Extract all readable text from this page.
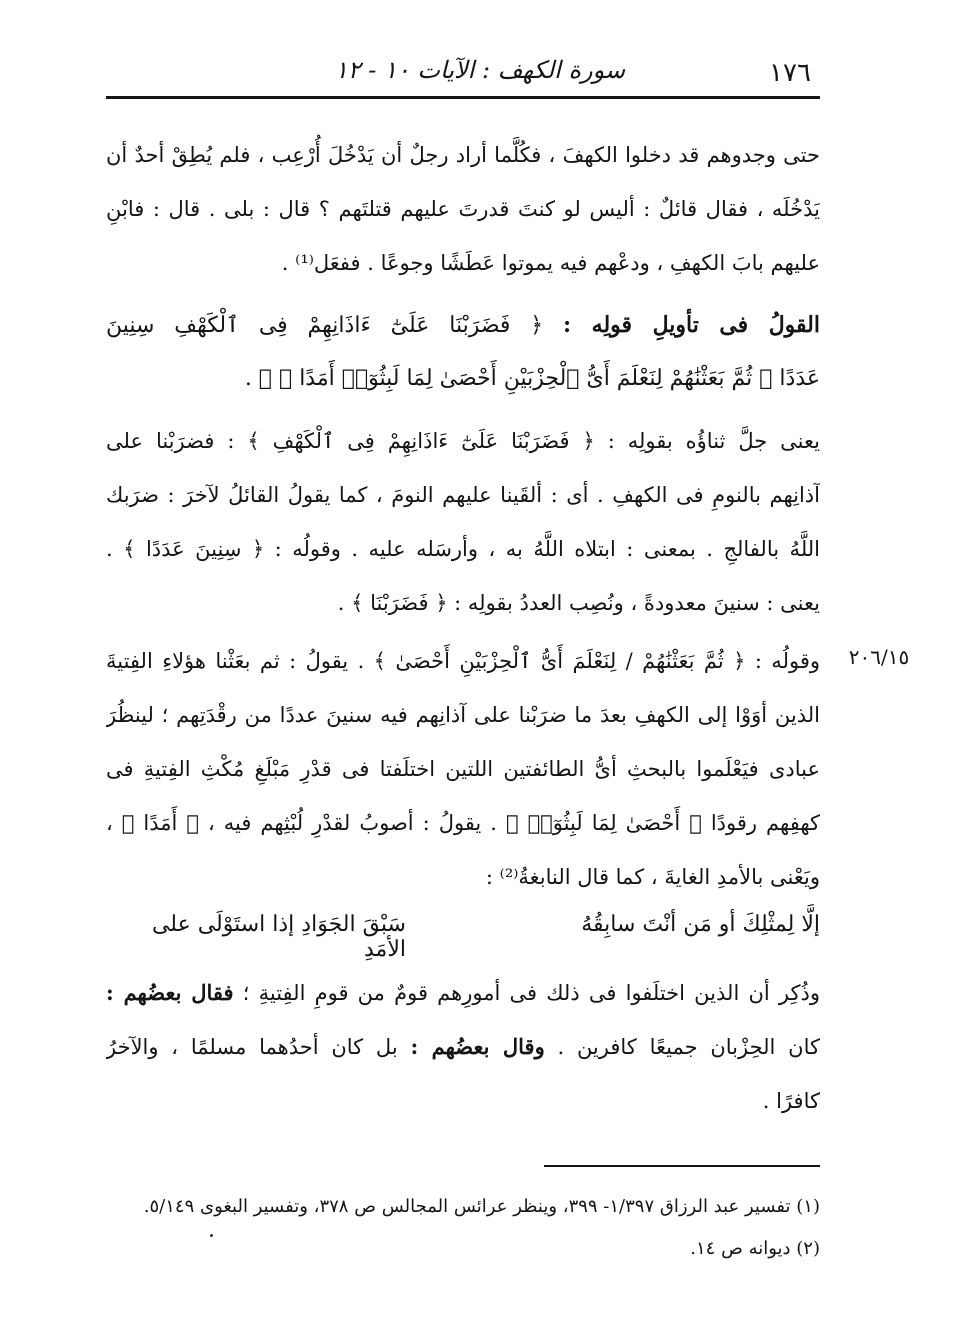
١٧٦
سورة الكهف : الآيات ١٠ - ١٢
حتى وجدوهم قد دخلوا الكهفَ ، فكُلَّما أراد رجلٌ أن يَدْخُلَ أُرْعِب ، فلم يُطِقْ أحدٌ أن
يَدْخُلَه ، فقال قائلٌ : أليس لو كنتَ قدرتَ عليهم قتلتَهم ؟ قال : بلى . قال : فابْنِ
عليهم بابَ الكهفِ ، ودعْهم فيه يموتوا عَطَشًا وجوعًا . ففعَل⁽¹⁾ .
القولُ فى تأويلِ قولِه : ﴿ فَضَرَبْنَا عَلَىٰٓ ءَاذَانِهِمْ فِى ٱلْكَهْفِ سِنِينَ
عَدَدًا ⑪ ثُمَّ بَعَثْنَٰهُمْ لِنَعْلَمَ أَىُّ ٱلْحِزْبَيْنِ أَحْصَىٰ لِمَا لَبِثُوٓا۟ أَمَدًا ⑫ ﴾ .
يعنى جلَّ ثناؤُه بقولِه : ﴿ فَضَرَبْنَا عَلَىٰٓ ءَاذَانِهِمْ فِى ٱلْكَهْفِ ﴾ : فضرَبْنا على
آذانِهم بالنومِ فى الكهفِ . أى : ألقَينا عليهم النومَ ، كما يقولُ القائلُ لآخرَ : ضرَبك
اللَّهُ بالفالجِ . بمعنى : ابتلاه اللَّهُ به ، وأرسَله عليه . وقولُه : ﴿ سِنِينَ عَدَدًا ﴾ .
يعنى : سنينَ معدودةً ، ونُصِب العددُ بقولِه : ﴿ فَضَرَبْنَا ﴾ .
٢٠٦/١٥
وقولُه : ﴿ ثُمَّ بَعَثْنَٰهُمْ / لِنَعْلَمَ أَىُّ ٱلْحِزْبَيْنِ أَحْصَىٰ ﴾ . يقولُ : ثم بعَثْنا هؤلاءِ الفِتيةَ
الذين أوَوْا إلى الكهفِ بعدَ ما ضرَبْنا على آذانِهم فيه سنينَ عددًا من رقْدَتِهم ؛ لينظُرَ
عبادى فيَعْلَموا بالبحثِ أىُّ الطائفتين اللتين اختلَفتا فى قدْرِ مَبْلَغِ مُكْثِ الفِتيةِ فى
كهفِهم رقودًا ﴿ أَحْصَىٰ لِمَا لَبِثُوٓا۟ ﴾ . يقولُ : أصوبُ لقدْرِ لُبْثِهم فيه ، ﴿ أَمَدًا ﴾ ،
ويَعْنى بالأمدِ الغايةَ ، كما قال النابغةُ⁽²⁾ :
إلَّا لِمثْلِكَ أو مَن أنْتَ سابِقُهُ
سَبْقَ الجَوَادِ إذا استَوْلَى على الأمَدِ
وذُكِر أن الذين اختلَفوا فى ذلك فى أمورِهم قومٌ من قومِ الفِتيةِ ؛ فقال بعضُهم :
كان الحِزْبان جميعًا كافرين . وقال بعضُهم : بل كان أحدُهما مسلمًا ، والآخرُ
كافرًا .
(١) تفسير عبد الرزاق ١/٣٩٧- ٣٩٩، وينظر عرائس المجالس ص ٣٧٨، وتفسير البغوى ٥/١٤٩.
(٢) ديوانه ص ١٤.
